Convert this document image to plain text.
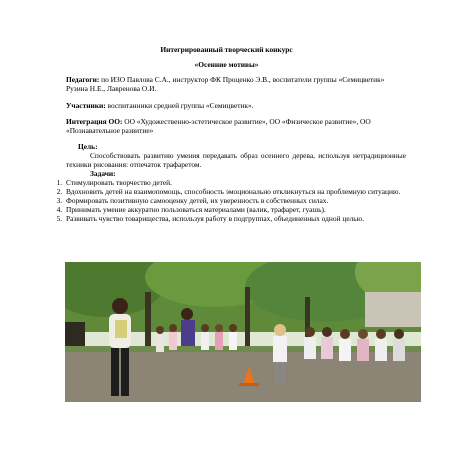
Интегрированный творческий конкурс
«Осенние мотивы»
Педагоги: по ИЗО Павлова С.А., инструктор ФК Проценко Э.В., воспитатели группы «Семицветик» Рузина Н.Е., Лавренова О.И.
Участники: воспитанники средней группы «Семицветик».
Интеграция ОО: ОО «Художественно-эстетическое развитие», ОО «Физическое развитие», ОО «Познавательное развитие»
Цель:
Способствовать развитию умения передавать образ осеннего дерева, используя нетрадиционные техники рисования: отпечаток трафаретом.
Задачи:
1. Стимулировать творчество детей.
2. Вдохновить детей на взаимопомощь, способность эмоционально откликнуться на проблемную ситуацию.
3. Формировать позитивную самооценку детей, их уверенность в собственных силах.
4. Принимать умение аккуратно пользоваться материалами (валик, трафарет, гуашь).
5. Развивать чувство товарищества, используя работу в подгруппах, объединенных одной целью.
